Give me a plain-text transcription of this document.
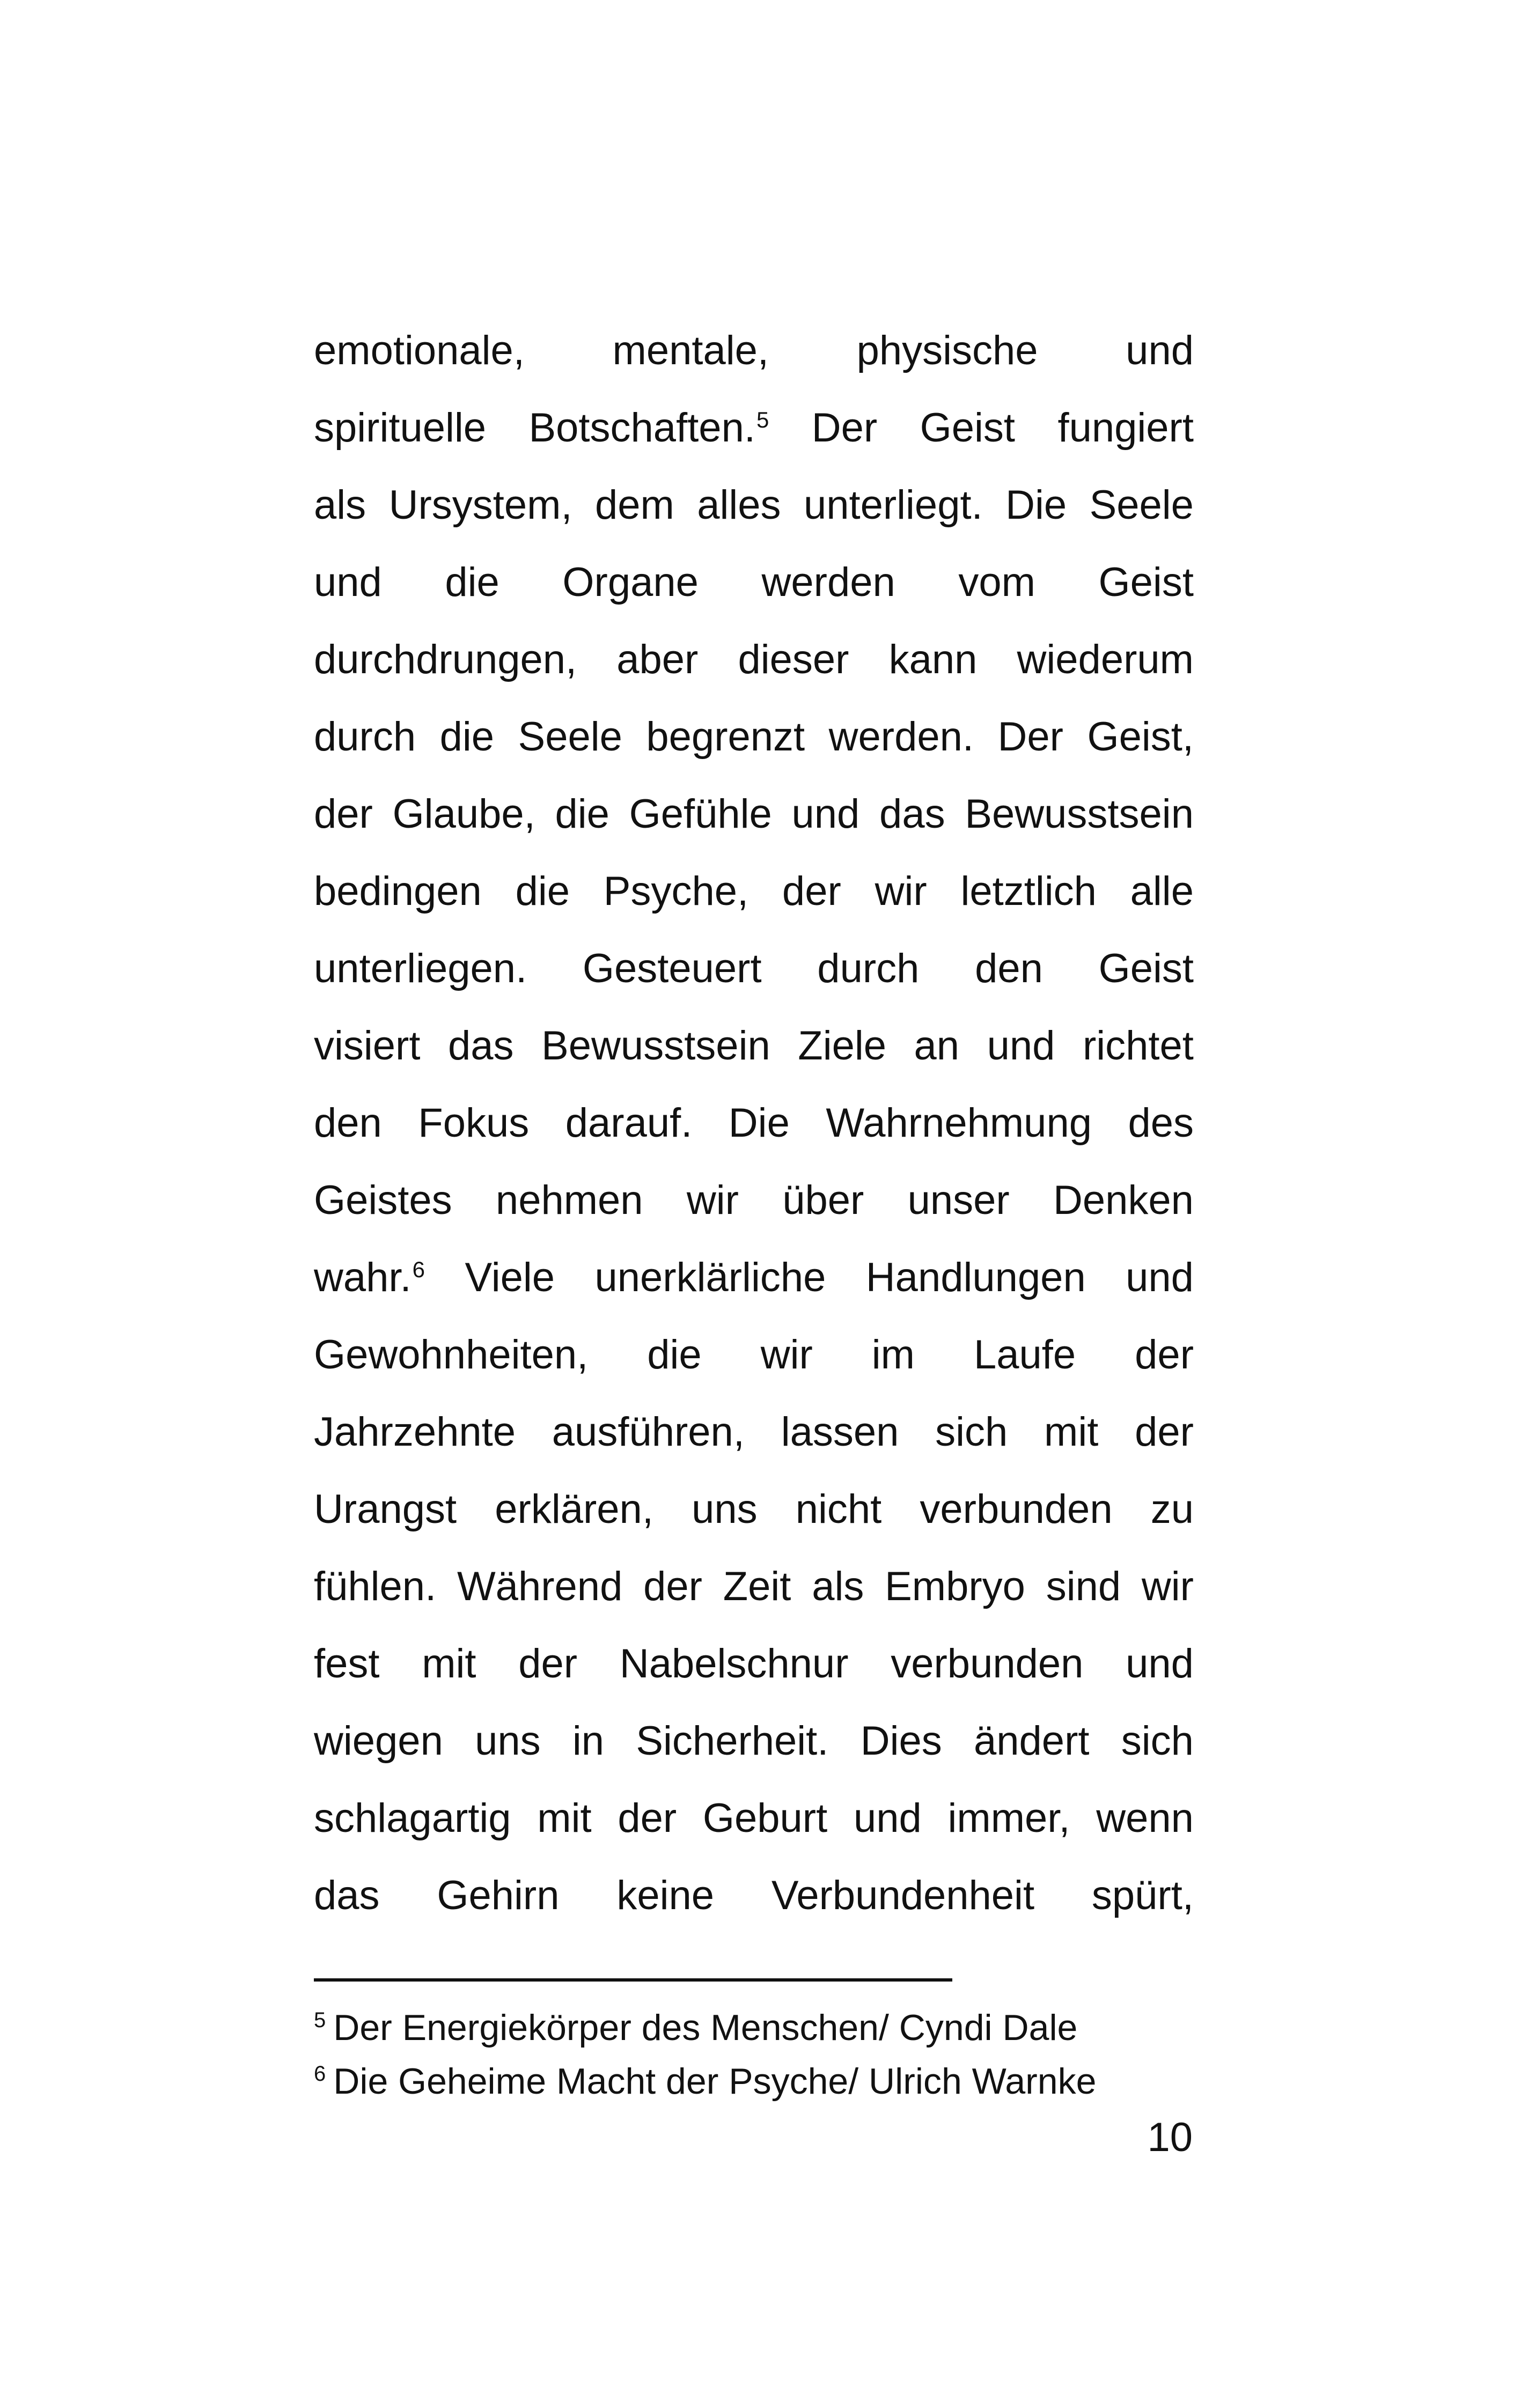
emotionale, mentale, physische und
spirituelle Botschaften.$^5$ Der Geist fungiert
als Ursystem, dem alles unterliegt. Die Seele
und die Organe werden vom Geist
durchdrungen, aber dieser kann wiederum
durch die Seele begrenzt werden. Der Geist,
der Glaube, die Gefühle und das Bewusstsein
bedingen die Psyche, der wir letztlich alle
unterliegen. Gesteuert durch den Geist
visiert das Bewusstsein Ziele an und richtet
den Fokus darauf. Die Wahrnehmung des
Geistes nehmen wir über unser Denken
wahr.$^6$ Viele unerklärliche Handlungen und
Gewohnheiten, die wir im Laufe der
Jahrzehnte ausführen, lassen sich mit der
Urangst erklären, uns nicht verbunden zu
fühlen. Während der Zeit als Embryo sind wir
fest mit der Nabelschnur verbunden und
wiegen uns in Sicherheit. Dies ändert sich
schlagartig mit der Geburt und immer, wenn
das Gehirn keine Verbundenheit spürt,
$^5$ Der Energiekörper des Menschen/ Cyndi Dale
$^6$ Die Geheime Macht der Psyche/ Ulrich Warnke
10
